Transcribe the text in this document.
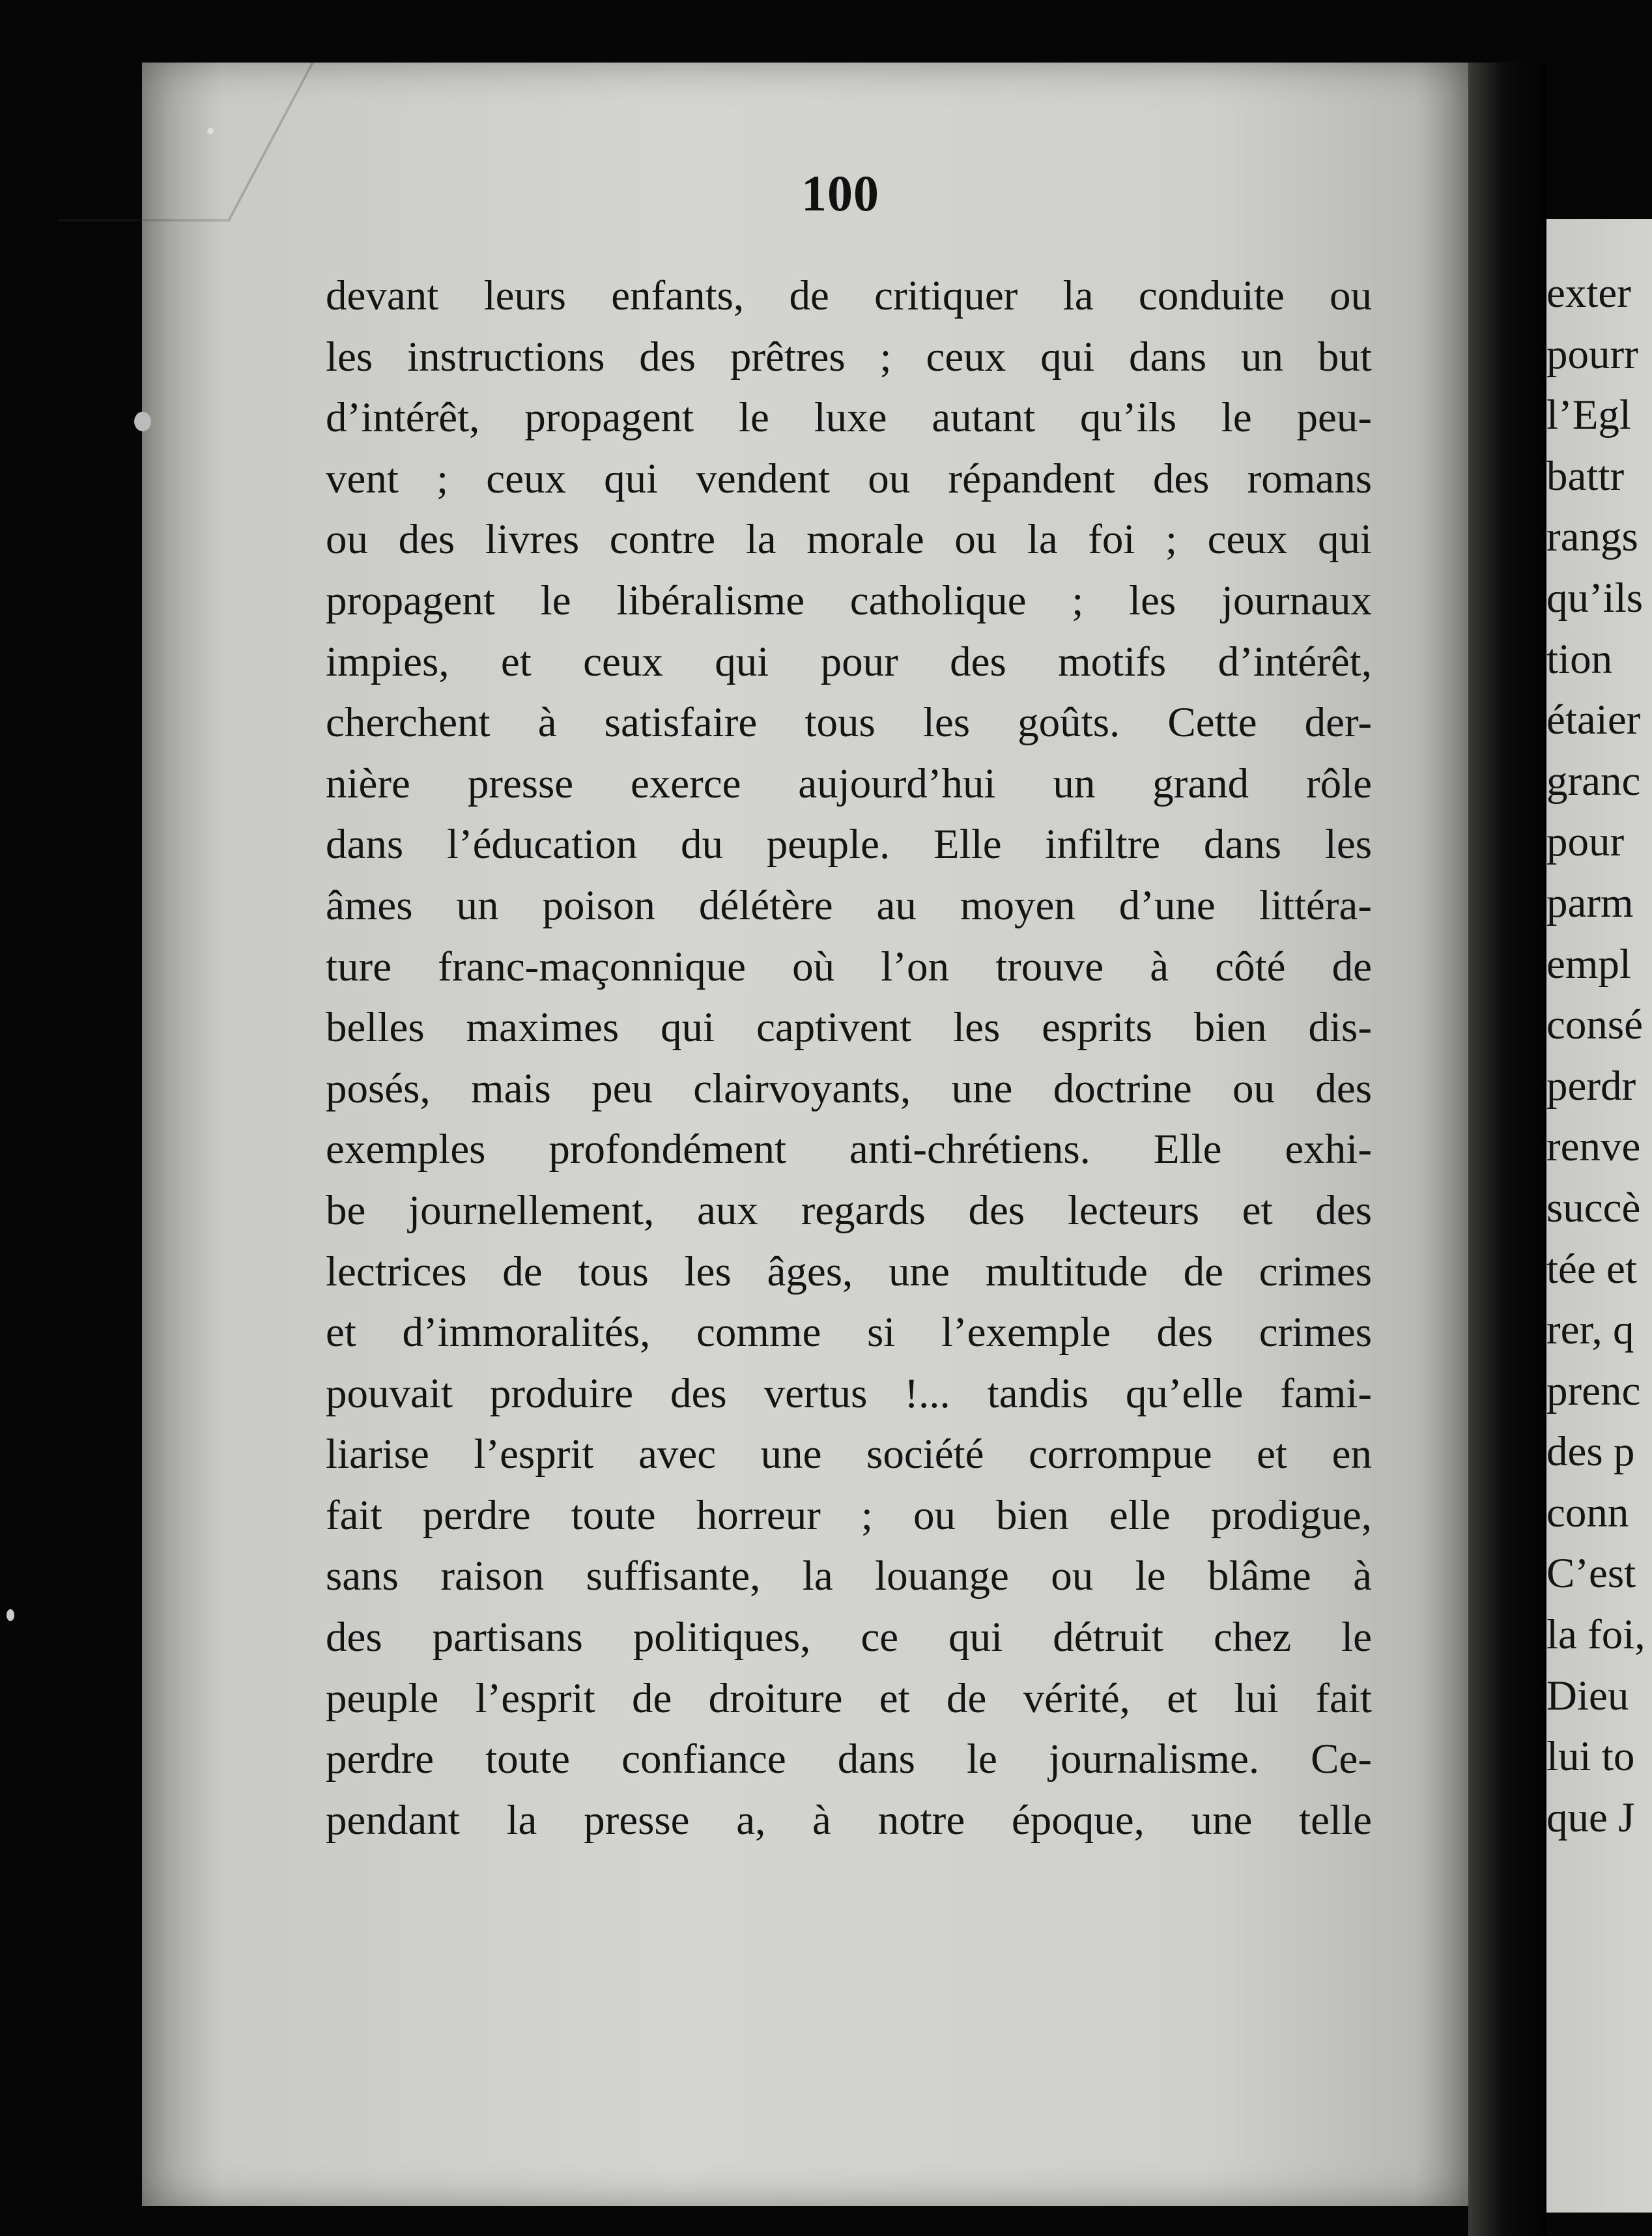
100
devant leurs enfants, de critiquer la conduite ou
les instructions des prêtres ; ceux qui dans un but
d’intérêt, propagent le luxe autant qu’ils le peu-
vent ; ceux qui vendent ou répandent des romans
ou des livres contre la morale ou la foi ; ceux qui
propagent le libéralisme catholique ; les journaux
impies, et ceux qui pour des motifs d’intérêt,
cherchent à satisfaire tous les goûts. Cette der-
nière presse exerce aujourd’hui un grand rôle
dans l’éducation du peuple. Elle infiltre dans les
âmes un poison délétère au moyen d’une littéra-
ture franc-maçonnique où l’on trouve à côté de
belles maximes qui captivent les esprits bien dis-
posés, mais peu clairvoyants, une doctrine ou des
exemples profondément anti-chrétiens. Elle exhi-
be journellement, aux regards des lecteurs et des
lectrices de tous les âges, une multitude de crimes
et d’immoralités, comme si l’exemple des crimes
pouvait produire des vertus !... tandis qu’elle fami-
liarise l’esprit avec une société corrompue et en
fait perdre toute horreur ; ou bien elle prodigue,
sans raison suffisante, la louange ou le blâme à
des partisans politiques, ce qui détruit chez le
peuple l’esprit de droiture et de vérité, et lui fait
perdre toute confiance dans le journalisme. Ce-
pendant la presse a, à notre époque, une telle
exter
pourr
l’Egl
battr
rangs
qu’ils
tion
étaier
granc
pour
parm
empl
consé
perdr
renve
succè
tée et
rer, q
prenc
des p
conn
C’est
la foi,
Dieu
lui to
que J
